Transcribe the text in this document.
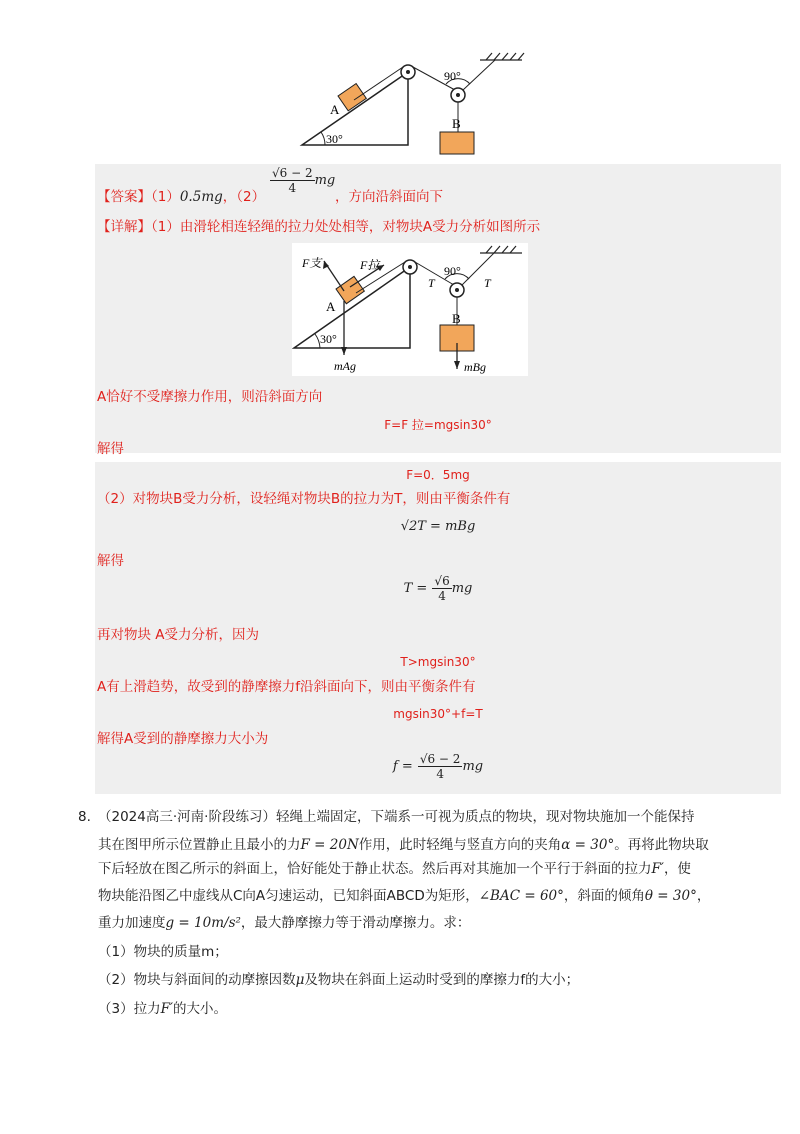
A
B
30°
90°
【答案】（1）0.5mg，（2）
$\frac{√6 - 2}{4}$ mg
，方向沿斜面向下
【详解】（1）由滑轮相连轻绳的拉力处处相等，对物块A受力分析如图所示
F支	F拉
A
B
T	T
30°
90°
mAg	mBg
A恰好不受摩擦力作用，则沿斜面方向
F=F 拉=mgsin30°
解得
F=0．5mg
（2）对物块B受力分析，设轻绳对物块B的拉力为T，则由平衡条件有
√2T = mBg
解得
$T = \frac{√6}{4}$ mg
再对物块 A受力分析，因为
T>mgsin30°
A有上滑趋势，故受到的静摩擦力f沿斜面向下，则由平衡条件有
mgsin30°+f=T
解得A受到的静摩擦力大小为
$f = \frac{√6 - 2}{4}$ mg
8. （2024高三·河南·阶段练习）轻绳上端固定，下端系一可视为质点的物块，现对物块施加一个能保持
其在图甲所示位置静止且最小的力F = 20N作用，此时轻绳与竖直方向的夹角α = 30°。再将此物块取
下后轻放在图乙所示的斜面上，恰好能处于静止状态。然后再对其施加一个平行于斜面的拉力F′，使
物块能沿图乙中虚线从C向A匀速运动，已知斜面ABCD为矩形，∠BAC = 60°，斜面的倾角θ = 30°，
重力加速度g = 10m/s²，最大静摩擦力等于滑动摩擦力。求：
（1）物块的质量m；
（2）物块与斜面间的动摩擦因数μ及物块在斜面上运动时受到的摩擦力f的大小；
（3）拉力F′的大小。
